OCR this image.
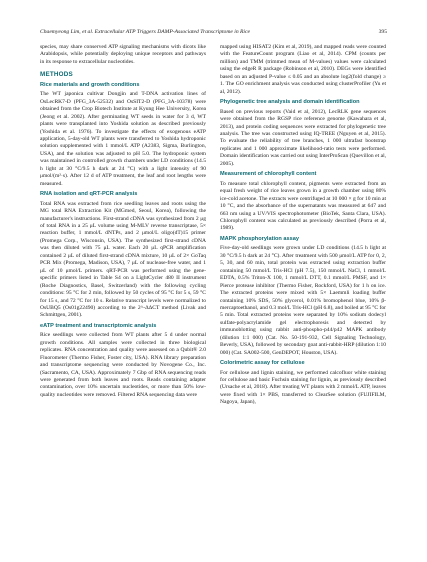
Chaemyeong Lim, et al. Extracellular ATP Triggers DAMP-Associated Transcriptome in Rice	395

species, may share conserved ATP signaling mechanisms with dicots like Arabidopsis, while potentially deploying unique receptors and pathways in its response to extracellular nucleotides.

METHODS
Rice materials and growth conditions

The WT japonica cultivar Dongjin and T-DNA activation lines of OsLecRK7-D (PFG_3A-52532) and OsSIT2-D (PFG_3A-10378) were obtained from the Crop Biotech Institute at Kyung Hee University, Korea (Jeong et al. 2002). After germinating WT seeds in water for 3 d, WT plants were transplanted into Yoshida solution as described previously (Yoshida et al. 1976). To investigate the effects of exogenous eATP application, 5-day-old WT plants were transferred to Yoshida hydroponic solution supplemented with 1 mmol/L ATP (A2383, Sigma, Burlington, USA), and the solution was adjusted to pH 5.0. The hydroponic system was maintained in controlled growth chambers under LD conditions (14.5 h light at 30 °C/9.5 h dark at 24 °C) with a light intensity of 90 μmol/(m²·s). After 12 d of ATP treatment, the leaf and root lengths were measured.

RNA isolation and qRT-PCR analysis

Total RNA was extracted from rice seedling leaves and roots using the MG total RNA Extraction Kit (MGmed, Seoul, Korea), following the manufacturer's instructions. First-strand cDNA was synthesized from 2 μg of total RNA in a 25 μL volume using M-MLV reverse transcriptase, 5× reaction buffer, 1 mmol/L dNTPs, and 2 μmol/L oligo(dT)15 primer (Promega Corp., Wisconsin, USA). The synthesized first-strand cDNA was then diluted with 75 μL water. Each 20 μL qPCR amplification contained 2 μL of diluted first-strand cDNA mixture, 10 μL of 2× GoTaq PCR Mix (Promega, Madison, USA), 7 μL of nuclease-free water, and 1 μL of 10 μmol/L primers. qRT-PCR was performed using the gene-specific primers listed in Table S4 on a LightCycler 480 II instrument (Roche Diagnostics, Basel, Switzerland) with the following cycling conditions: 95 °C for 2 min, followed by 50 cycles of 95 °C for 5 s, 59 °C for 15 s, and 72 °C for 10 s. Relative transcript levels were normalized to OsUBQ5 (Os01g22490) according to the 2^-ΔΔCT method (Livak and Schmittgen, 2001).

eATP treatment and transcriptomic analysis

Rice seedlings were collected from WT plants after 5 d under normal growth conditions. All samples were collected in three biological replicates. RNA concentration and quality were assessed on a Qubit® 2.0 Fluorometer (Thermo Fisher, Foster city, USA). RNA library preparation and transcriptome sequencing were conducted by Novogene Co., Inc. (Sacramento, CA, USA). Approximately 7 Gbp of RNA sequencing reads were generated from both leaves and roots. Reads containing adapter contamination, over 10% uncertain nucleotides, or more than 50% low-quality nucleotides were removed. Filtered RNA sequencing data were

mapped using HISAT2 (Kim et al, 2019), and mapped reads were counted with the FeatureCount program (Liao et al, 2014). CPM (counts per million) and TMM (trimmed mean of M-values) values were calculated using the edgeR R package (Robinson et al, 2010). DEGs were identified based on an adjusted P-value ≤ 0.05 and an absolute log2(fold change) ≥ 1. The GO enrichment analysis was conducted using clusterProfiler (Yu et al, 2012).

Phylogenetic tree analysis and domain identification

Based on previous reports (Vaid et al, 2012), LecRLK gene sequences were obtained from the RGSP rice reference genome (Kawahara et al, 2013), and protein coding sequences were extracted for phylogenetic tree analysis. The tree was constructed using IQ-TREE (Nguyen et al, 2015). To evaluate the reliability of tree branches, 1 000 ultrafast bootstrap replicates and 1 000 approximate likelihood-ratio tests were performed. Domain identification was carried out using InterProScan (Quevillon et al, 2005).

Measurement of chlorophyll content

To measure total chlorophyll content, pigments were extracted from an equal fresh weight of rice leaves grown in a growth chamber using 80% ice-cold acetone. The extracts were centrifuged at 10 000 × g for 10 min at 10 °C, and the absorbance of the supernatants was measured at 647 and 663 nm using a UV/VIS spectrophotometer (BioTek, Santa Clara, USA). Chlorophyll content was calculated as previously described (Porra et al, 1989).

MAPK phosphorylation assay

Five-day-old seedlings were grown under LD conditions (14.5 h light at 30 °C/9.5 h dark at 24 °C). After treatment with 500 μmol/L ATP for 0, 2, 5, 30, and 60 min, total protein was extracted using extraction buffer containing 50 mmol/L Tris-HCl (pH 7.5), 150 mmol/L NaCl, 1 mmol/L EDTA, 0.5% Triton-X 100, 1 mmol/L DTT, 0.1 mmol/L PMSF, and 1× Pierce protease inhibitor (Thermo Fisher, Rockford, USA) for 1 h on ice. The extracted proteins were mixed with 5× Laemmli loading buffer containing 10% SDS, 50% glycerol, 0.01% bromophenol blue, 10% β-mercaptoethanol, and 0.3 mol/L Tris-HCl (pH 6.8), and boiled at 95 °C for 5 min. Total extracted proteins were separated by 10% sodium dodecyl sulfate-polyacrylamide gel electrophoresis and detected by immunoblotting using rabbit anti-phospho-p44/p42 MAPK antibody (dilution 1:1 000) (Cat. No. 50-191-932, Cell Signaling Technology, Beverly, USA), followed by secondary goat anti-rabbit-HRP (dilution 1:10 000) (Cat. SA002-500, GenDEPOT, Houston, USA).

Colorimetric assay for cellulose

For cellulose and lignin staining, we performed calcofluor white staining for cellulose and basic Fuchsin staining for lignin, as previously described (Ursache et al, 2018). After treating WT plants with 2 mmol/L ATP, leaves were fixed with 1× PBS, transferred to ClearSee solution (FUJIFILM, Nagoya, Japan),
